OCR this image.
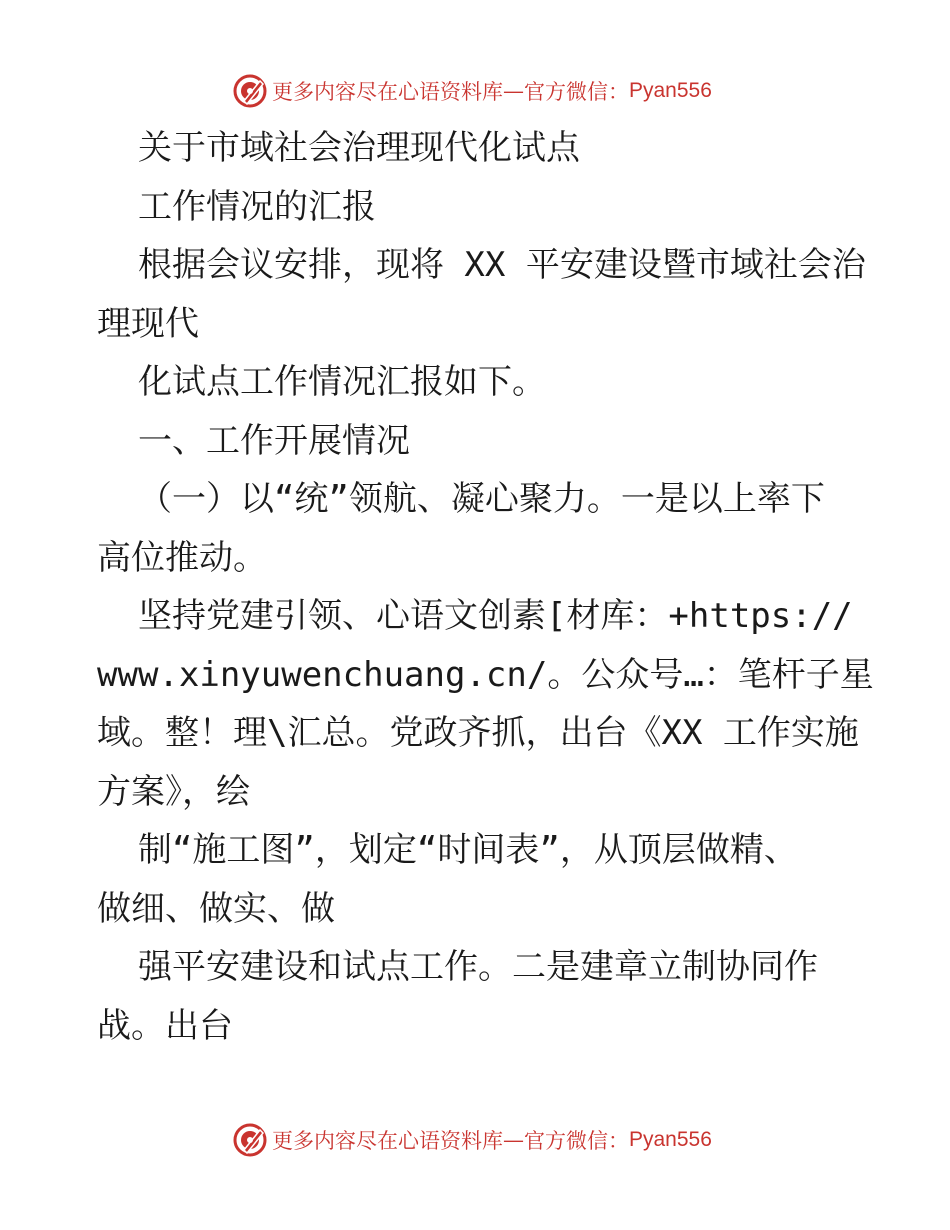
更多内容尽在心语资料库 — 官方微信： Pyan556
关于市域社会治理现代化试点
工作情况的汇报
根据会议安排，现将 XX 平安建设暨市域社会治
理现代
化试点工作情况汇报如下。
一、工作开展情况
（一）以“统”领航、凝心聚力。一是以上率下
高位推动。
坚持党建引领、心语文创素[材库：+https://
www.xinyuwenchuang.cn/。公众号…：笔杆子星
域。整！理\汇总。党政齐抓，出台《XX 工作实施
方案》，绘
制“施工图”，划定“时间表”，从顶层做精、
做细、做实、做
强平安建设和试点工作。二是建章立制协同作
战。出台
更多内容尽在心语资料库 — 官方微信： Pyan556
